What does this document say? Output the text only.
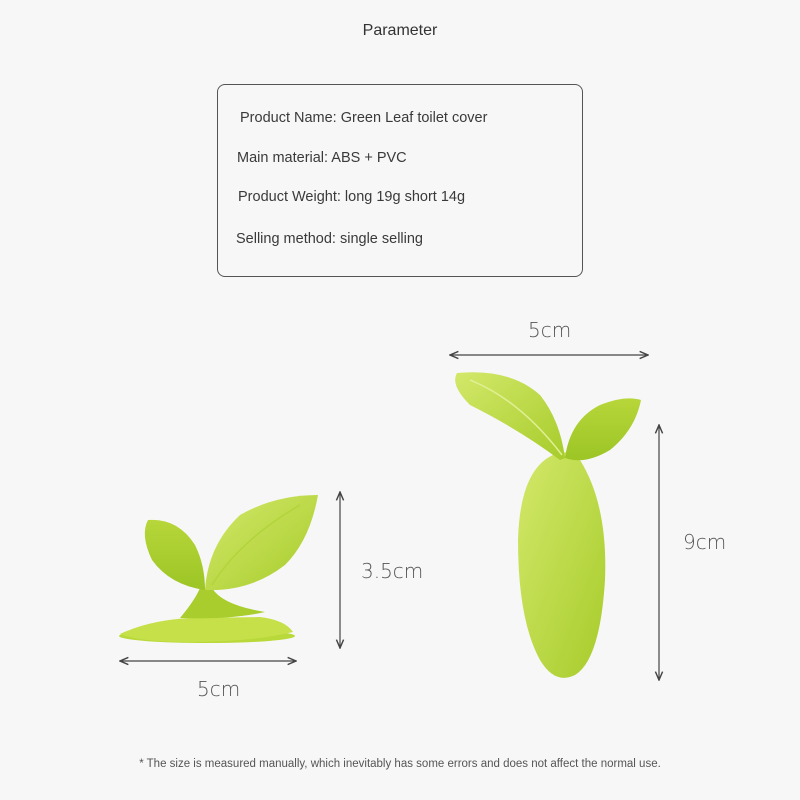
Parameter
Product Name: Green Leaf toilet cover
Main material: ABS + PVC
Product Weight: long 19g short 14g
Selling method: single selling
5cm
9cm
3.5cm
5cm
* The size is measured manually, which inevitably has some errors and does not affect the normal use.
